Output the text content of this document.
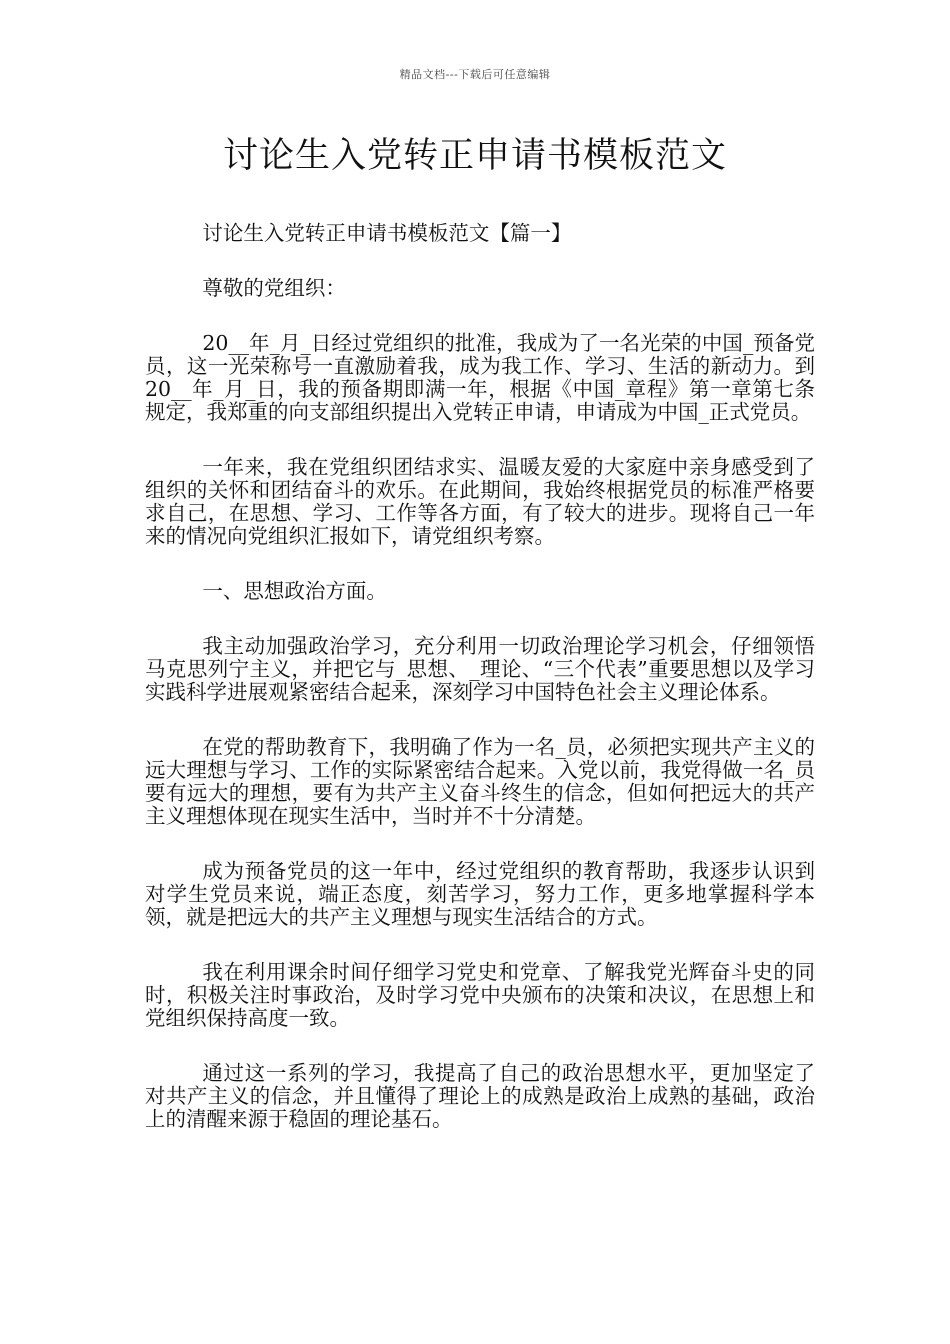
精品文档---下载后可任意编辑
讨论生入党转正申请书模板范文

讨论生入党转正申请书模板范文【篇一】

尊敬的党组织：

20__年_月_日经过党组织的批准，我成为了一名光荣的中国_预备党员，这一光荣称号一直激励着我，成为我工作、学习、生活的新动力。到20__年_月_日，我的预备期即满一年，根据《中国_章程》第一章第七条规定，我郑重的向支部组织提出入党转正申请，申请成为中国_正式党员。

一年来，我在党组织团结求实、温暖友爱的大家庭中亲身感受到了组织的关怀和团结奋斗的欢乐。在此期间，我始终根据党员的标准严格要求自己，在思想、学习、工作等各方面，有了较大的进步。现将自己一年来的情况向党组织汇报如下，请党组织考察。

一、思想政治方面。

我主动加强政治学习，充分利用一切政治理论学习机会，仔细领悟马克思列宁主义，并把它与_思想、_理论、“三个代表”重要思想以及学习实践科学进展观紧密结合起来，深刻学习中国特色社会主义理论体系。

在党的帮助教育下，我明确了作为一名_员，必须把实现共产主义的远大理想与学习、工作的实际紧密结合起来。入党以前，我党得做一名_员要有远大的理想，要有为共产主义奋斗终生的信念，但如何把远大的共产主义理想体现在现实生活中，当时并不十分清楚。

成为预备党员的这一年中，经过党组织的教育帮助，我逐步认识到对学生党员来说，端正态度，刻苦学习，努力工作，更多地掌握科学本领，就是把远大的共产主义理想与现实生活结合的方式。

我在利用课余时间仔细学习党史和党章、了解我党光辉奋斗史的同时，积极关注时事政治，及时学习党中央颁布的决策和决议，在思想上和党组织保持高度一致。

通过这一系列的学习，我提高了自己的政治思想水平，更加坚定了对共产主义的信念，并且懂得了理论上的成熟是政治上成熟的基础，政治上的清醒来源于稳固的理论基石。
